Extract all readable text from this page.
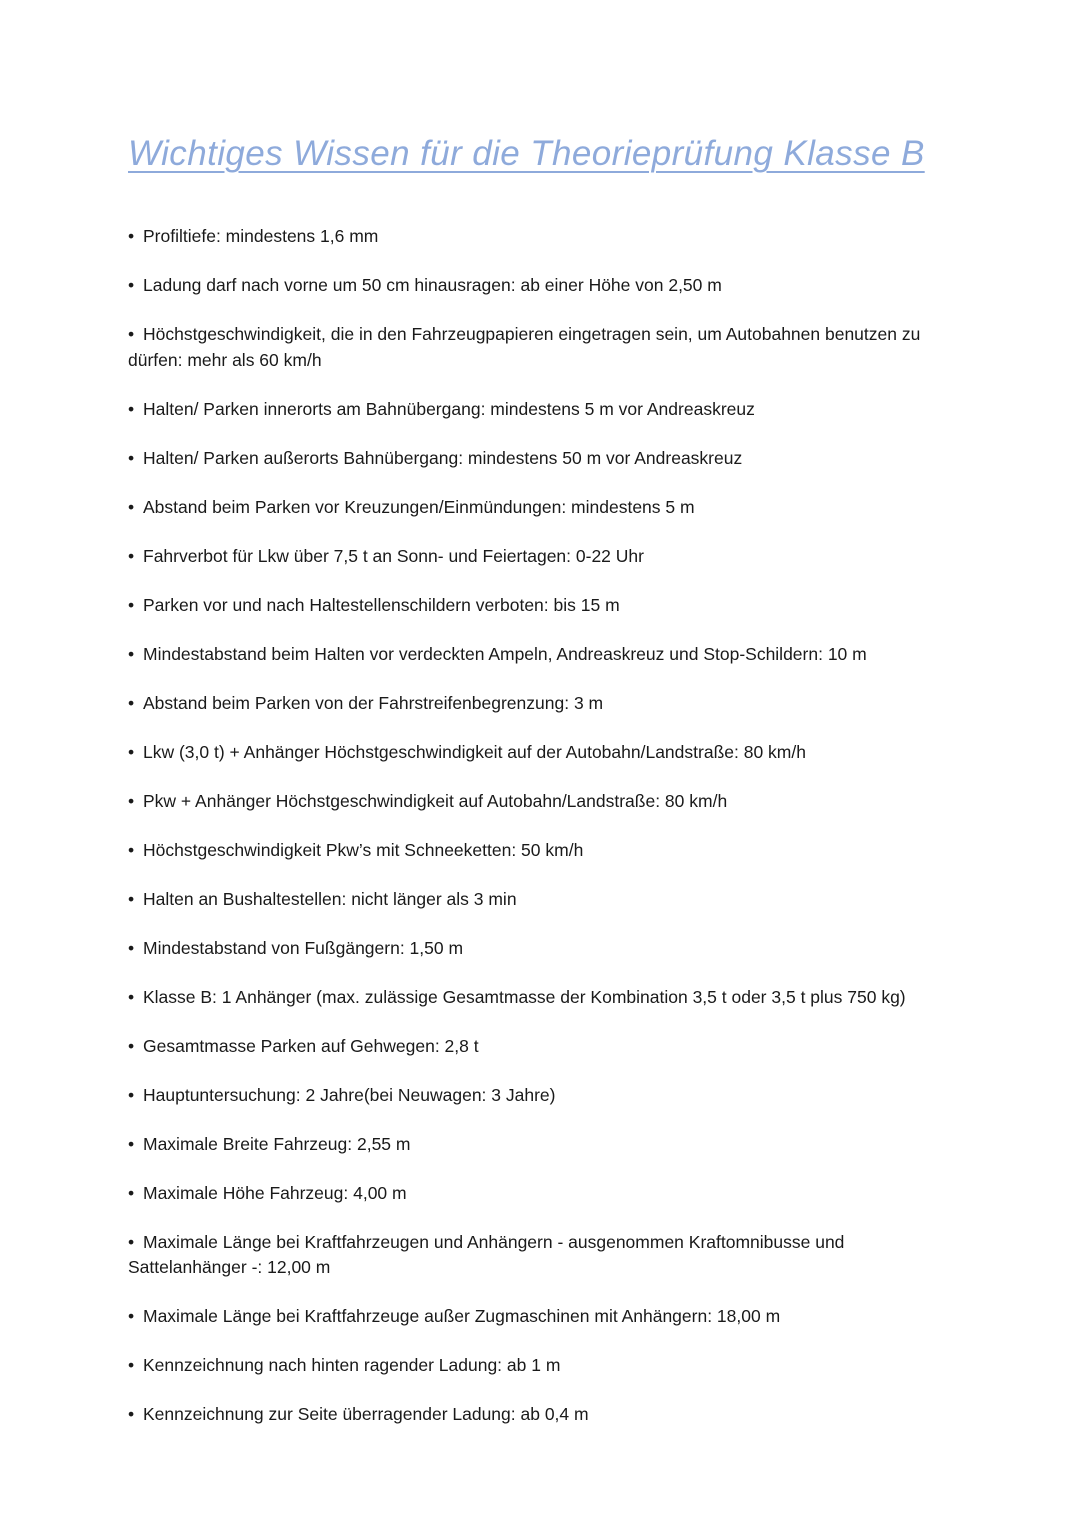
Wichtiges Wissen für die Theorieprüfung Klasse B
• Profiltiefe: mindestens 1,6 mm
• Ladung darf nach vorne um 50 cm hinausragen: ab einer Höhe von 2,50 m
• Höchstgeschwindigkeit, die in den Fahrzeugpapieren eingetragen sein, um Autobahnen benutzen zu dürfen: mehr als 60 km/h
• Halten/ Parken innerorts am Bahnübergang: mindestens 5 m vor Andreaskreuz
• Halten/ Parken außerorts Bahnübergang: mindestens 50 m vor Andreaskreuz
• Abstand beim Parken vor Kreuzungen/Einmündungen: mindestens 5 m
• Fahrverbot für Lkw über 7,5 t an Sonn- und Feiertagen: 0-22 Uhr
• Parken vor und nach Haltestellenschildern verboten: bis 15 m
• Mindestabstand beim Halten vor verdeckten Ampeln, Andreaskreuz und Stop-Schildern: 10 m
• Abstand beim Parken von der Fahrstreifenbegrenzung: 3 m
• Lkw (3,0 t) + Anhänger Höchstgeschwindigkeit auf der Autobahn/Landstraße: 80 km/h
• Pkw + Anhänger Höchstgeschwindigkeit auf Autobahn/Landstraße: 80 km/h
• Höchstgeschwindigkeit Pkw’s mit Schneeketten: 50 km/h
• Halten an Bushaltestellen: nicht länger als 3 min
• Mindestabstand von Fußgängern: 1,50 m
• Klasse B: 1 Anhänger (max. zulässige Gesamtmasse der Kombination 3,5 t oder 3,5 t plus 750 kg)
• Gesamtmasse Parken auf Gehwegen: 2,8 t
• Hauptuntersuchung: 2 Jahre(bei Neuwagen: 3 Jahre)
• Maximale Breite Fahrzeug: 2,55 m
• Maximale Höhe Fahrzeug: 4,00 m
• Maximale Länge bei Kraftfahrzeugen und Anhängern - ausgenommen Kraftomnibusse und Sattelanhänger -: 12,00 m
• Maximale Länge bei Kraftfahrzeuge außer Zugmaschinen mit Anhängern: 18,00 m
• Kennzeichnung nach hinten ragender Ladung: ab 1 m
• Kennzeichnung zur Seite überragender Ladung: ab 0,4 m
